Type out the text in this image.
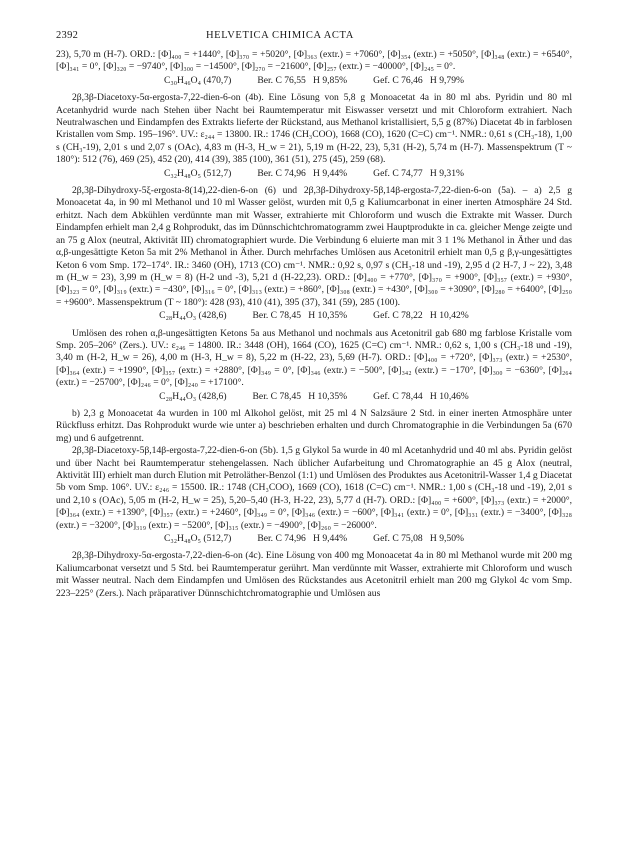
2392	HELVETICA CHIMICA ACTA

23), 5,70 m (H-7). ORD.: [Φ]₄₀₀ = +1440°, [Φ]₃₇₀ = +5020°, [Φ]₃₆₃ (extr.) = +7060°, [Φ]₃₅₄ (extr.) = +5050°, [Φ]₃₄₈ (extr.) = +6540°, [Φ]₃₄₁ = 0°, [Φ]₃₂₀ = −9740°, [Φ]₃₀₀ = −14500°, [Φ]₂₇₀ = −21600°, [Φ]₂₅₇ (extr.) = −40000°, [Φ]₂₄₅ = 0°.

C₃₀H₄₆O₄ (470,7)	Ber. C 76,55   H 9,85%	Gef. C 76,46   H 9,79%

2β,3β-Diacetoxy-5α-ergosta-7,22-dien-6-on (4b). Eine Lösung von 5,8 g Monoacetat 4a in 80 ml abs. Pyridin und 80 ml Acetanhydrid wurde nach Stehen über Nacht bei Raumtemperatur mit Eiswasser versetzt und mit Chloroform extrahiert. Nach Neutralwaschen und Eindampfen des Extrakts lieferte der Rückstand, aus Methanol kristallisiert, 5,5 g (87%) Diacetat 4b in farblosen Kristallen vom Smp. 195–196°. UV.: ε₂₄₄ = 13800. IR.: 1746 (CH₃COO), 1668 (CO), 1620 (C=C) cm⁻¹. NMR.: 0,61 s (CH₃-18), 1,00 s (CH₃-19), 2,01 s und 2,07 s (OAc), 4,83 m (H-3, H_w = 21), 5,19 m (H-22, 23), 5,31 (H-2), 5,74 m (H-7). Massenspektrum (T ~ 180°): 512 (76), 469 (25), 452 (20), 414 (39), 385 (100), 361 (51), 275 (45), 259 (68).

C₃₂H₄₈O₅ (512,7)	Ber. C 74,96   H 9,44%	Gef. C 74,77   H 9,31%

2β,3β-Dihydroxy-5ξ-ergosta-8(14),22-dien-6-on (6) und 2β,3β-Dihydroxy-5β,14β-ergosta-7,22-dien-6-on (5a). – a) 2,5 g Monoacetat 4a, in 90 ml Methanol und 10 ml Wasser gelöst, wurden mit 0,5 g Kaliumcarbonat in einer inerten Atmosphäre 24 Std. erhitzt. Nach dem Abkühlen verdünnte man mit Wasser, extrahierte mit Chloroform und wusch die Extrakte mit Wasser. Durch Eindampfen erhielt man 2,4 g Rohprodukt, das im Dünnschichtchromatogramm zwei Hauptprodukte in ca. gleicher Menge zeigte und an 75 g Alox (neutral, Aktivität III) chromatographiert wurde. Die Verbindung 6 eluierte man mit 3 1 1% Methanol in Äther und das α,β-ungesättigte Keton 5a mit 2% Methanol in Äther. Durch mehrfaches Umlösen aus Acetonitril erhielt man 0,5 g β,γ-ungesättigtes Keton 6 vom Smp. 172–174°. IR.: 3460 (OH), 1713 (CO) cm⁻¹. NMR.: 0,92 s, 0,97 s (CH₃-18 und -19), 2,95 d (2 H-7, J ~ 22), 3,48 m (H_w = 23), 3,99 m (H_w = 8) (H-2 und -3), 5,21 d (H-22,23). ORD.: [Φ]₄₀₀ = +770°, [Φ]₃₇₀ = +900°, [Φ]₃₅₇ (extr.) = +930°, [Φ]₃₂₃ = 0°, [Φ]₃₁₉ (extr.) = −430°, [Φ]₃₁₆ = 0°, [Φ]₃₁₃ (extr.) = +860°, [Φ]₃₀₈ (extr.) = +430°, [Φ]₃₀₀ = +3090°, [Φ]₂₈₀ = +6400°, [Φ]₂₅₀ = +9600°. Massenspektrum (T ~ 180°): 428 (93), 410 (41), 395 (37), 341 (59), 285 (100).

C₂₈H₄₄O₃ (428,6)	Ber. C 78,45   H 10,35%	Gef. C 78,22   H 10,42%

Umlösen des rohen α,β-ungesättigten Ketons 5a aus Methanol und nochmals aus Acetonitril gab 680 mg farblose Kristalle vom Smp. 205–206° (Zers.). UV.: ε₂₄₆ = 14800. IR.: 3448 (OH), 1664 (CO), 1625 (C=C) cm⁻¹. NMR.: 0,62 s, 1,00 s (CH₃-18 und -19), 3,40 m (H-2, H_w = 26), 4,00 m (H-3, H_w = 8), 5,22 m (H-22, 23), 5,69 (H-7). ORD.: [Φ]₄₀₀ = +720°, [Φ]₃₇₃ (extr.) = +2530°, [Φ]₃₆₄ (extr.) = +1990°, [Φ]₃₅₇ (extr.) = +2880°, [Φ]₃₄₉ = 0°, [Φ]₃₄₆ (extr.) = −500°, [Φ]₃₄₂ (extr.) = −170°, [Φ]₃₀₀ = −6360°, [Φ]₂₆₄ (extr.) = −25700°, [Φ]₂₄₆ = 0°, [Φ]₂₄₀ = +17100°.

C₂₈H₄₄O₃ (428,6)	Ber. C 78,45   H 10,35%	Gef. C 78,44   H 10,46%

b) 2,3 g Monoacetat 4a wurden in 100 ml Alkohol gelöst, mit 25 ml 4 N Salzsäure 2 Std. in einer inerten Atmosphäre unter Rückfluss erhitzt. Das Rohprodukt wurde wie unter a) beschrieben erhalten und durch Chromatographie in die Verbindungen 5a (670 mg) und 6 aufgetrennt.

2β,3β-Diacetoxy-5β,14β-ergosta-7,22-dien-6-on (5b). 1,5 g Glykol 5a wurde in 40 ml Acetanhydrid und 40 ml abs. Pyridin gelöst und über Nacht bei Raumtemperatur stehengelassen. Nach üblicher Aufarbeitung und Chromatographie an 45 g Alox (neutral, Aktivität III) erhielt man durch Elution mit Petroläther-Benzol (1:1) und Umlösen des Produktes aus Acetonitril-Wasser 1,4 g Diacetat 5b vom Smp. 106°. UV.: ε₂₄₆ = 15500. IR.: 1748 (CH₃COO), 1669 (CO), 1618 (C=C) cm⁻¹. NMR.: 1,00 s (CH₃-18 und -19), 2,01 s und 2,10 s (OAc), 5,05 m (H-2, H_w = 25), 5,20–5,40 (H-3, H-22, 23), 5,77 d (H-7). ORD.: [Φ]₄₀₀ = +600°, [Φ]₃₇₃ (extr.) = +2000°, [Φ]₃₆₄ (extr.) = +1390°, [Φ]₃₅₇ (extr.) = +2460°, [Φ]₃₄₉ = 0°, [Φ]₃₄₆ (extr.) = −600°, [Φ]₃₄₁ (extr.) = 0°, [Φ]₃₃₁ (extr.) = −3400°, [Φ]₃₂₈ (extr.) = −3200°, [Φ]₃₁₉ (extr.) = −5200°, [Φ]₃₁₅ (extr.) = −4900°, [Φ]₂₆₀ = −26000°.

C₃₂H₄₈O₅ (512,7)	Ber. C 74,96   H 9,44%	Gef. C 75,08   H 9,50%

2β,3β-Dihydroxy-5α-ergosta-7,22-dien-6-on (4c). Eine Lösung von 400 mg Monoacetat 4a in 80 ml Methanol wurde mit 200 mg Kaliumcarbonat versetzt und 5 Std. bei Raumtemperatur gerührt. Man verdünnte mit Wasser, extrahierte mit Chloroform und wusch mit Wasser neutral. Nach dem Eindampfen und Umlösen des Rückstandes aus Acetonitril erhielt man 200 mg Glykol 4c vom Smp. 223–225° (Zers.). Nach präparativer Dünnschichtchromatographie und Umlösen aus
